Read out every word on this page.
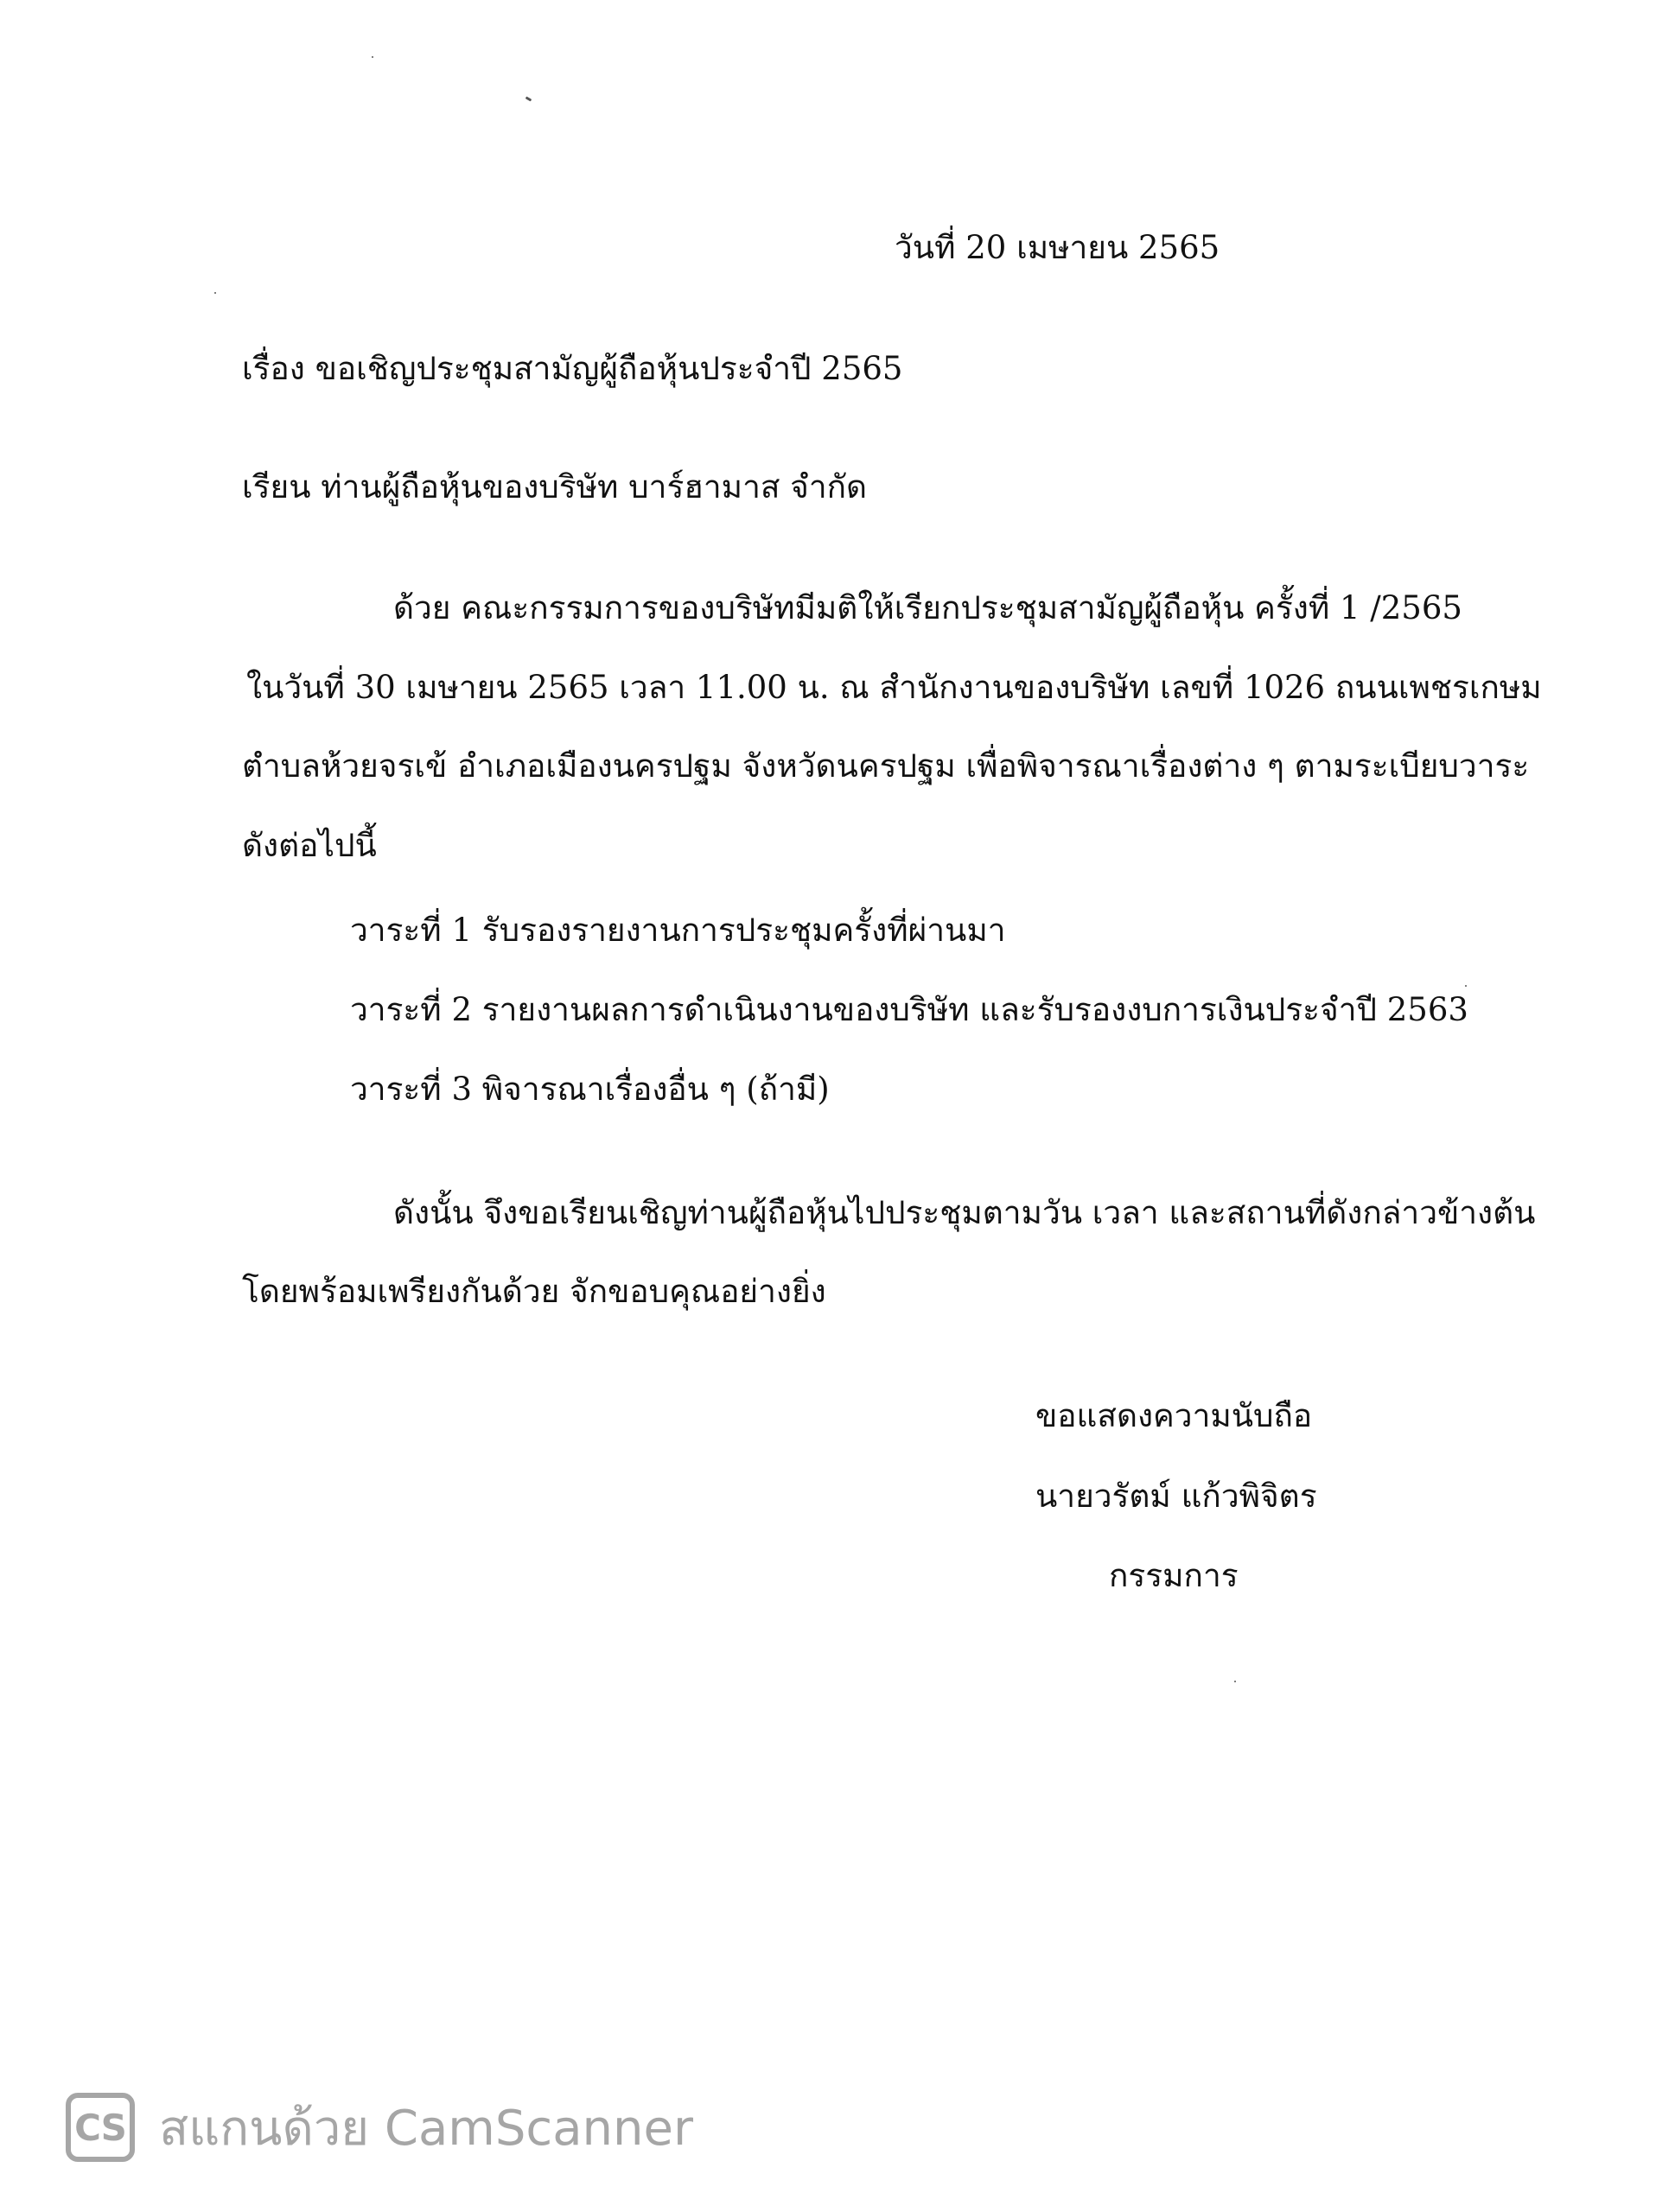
วันที่ 20 เมษายน 2565
เรื่อง ขอเชิญประชุมสามัญผู้ถือหุ้นประจำปี 2565
เรียน ท่านผู้ถือหุ้นของบริษัท บาร์ฮามาส จำกัด
ด้วย คณะกรรมการของบริษัทมีมติให้เรียกประชุมสามัญผู้ถือหุ้น ครั้งที่ 1 /2565
ในวันที่ 30 เมษายน 2565 เวลา 11.00 น. ณ สำนักงานของบริษัท เลขที่ 1026 ถนนเพชรเกษม
ตำบลห้วยจรเข้ อำเภอเมืองนครปฐม จังหวัดนครปฐม เพื่อพิจารณาเรื่องต่าง ๆ ตามระเบียบวาระ
ดังต่อไปนี้
วาระที่ 1 รับรองรายงานการประชุมครั้งที่ผ่านมา
วาระที่ 2 รายงานผลการดำเนินงานของบริษัท และรับรองงบการเงินประจำปี 2563
วาระที่ 3 พิจารณาเรื่องอื่น ๆ (ถ้ามี)
ดังนั้น จึงขอเรียนเชิญท่านผู้ถือหุ้นไปประชุมตามวัน เวลา และสถานที่ดังกล่าวข้างต้น
โดยพร้อมเพรียงกันด้วย จักขอบคุณอย่างยิ่ง
ขอแสดงความนับถือ
นายวรัตม์ แก้วพิจิตร
กรรมการ
CS สแกนด้วย CamScanner
